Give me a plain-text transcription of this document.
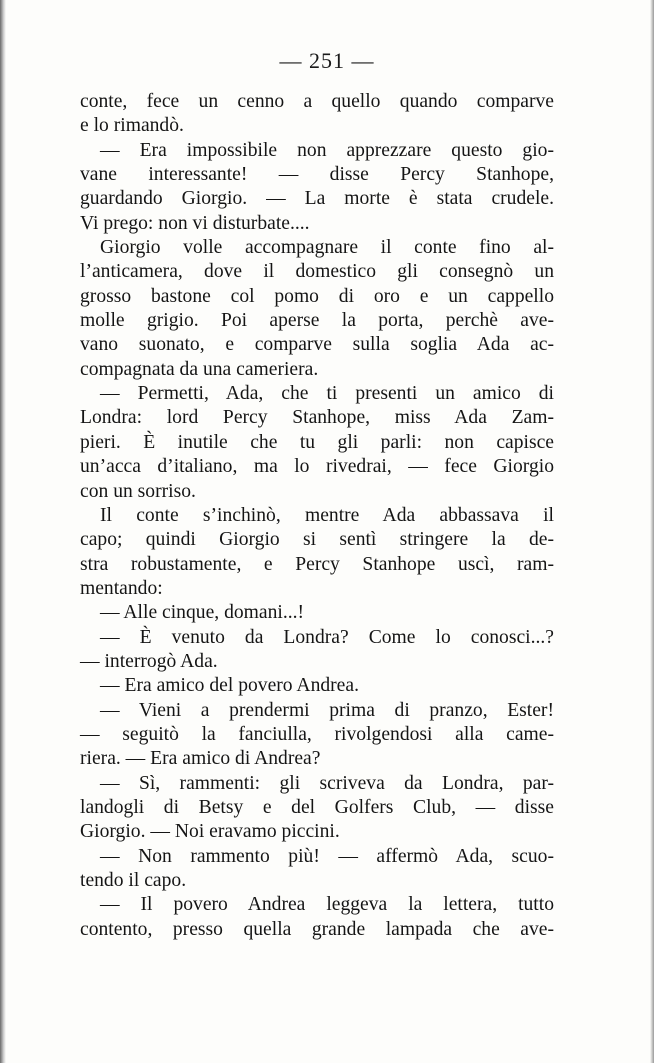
— 251 —
conte, fece un cenno a quello quando comparve
e lo rimandò.
— Era impossibile non apprezzare questo gio-
vane interessante! — disse Percy Stanhope,
guardando Giorgio. — La morte è stata crudele.
Vi prego: non vi disturbate....
Giorgio volle accompagnare il conte fino al-
l’anticamera, dove il domestico gli consegnò un
grosso bastone col pomo di oro e un cappello
molle grigio. Poi aperse la porta, perchè ave-
vano suonato, e comparve sulla soglia Ada ac-
compagnata da una cameriera.
— Permetti, Ada, che ti presenti un amico di
Londra: lord Percy Stanhope, miss Ada Zam-
pieri. È inutile che tu gli parli: non capisce
un’acca d’italiano, ma lo rivedrai, — fece Giorgio
con un sorriso.
Il conte s’inchinò, mentre Ada abbassava il
capo; quindi Giorgio si sentì stringere la de-
stra robustamente, e Percy Stanhope uscì, ram-
mentando:
— Alle cinque, domani...!
— È venuto da Londra? Come lo conosci...?
— interrogò Ada.
— Era amico del povero Andrea.
— Vieni a prendermi prima di pranzo, Ester!
— seguitò la fanciulla, rivolgendosi alla came-
riera. — Era amico di Andrea?
— Sì, rammenti: gli scriveva da Londra, par-
landogli di Betsy e del Golfers Club, — disse
Giorgio. — Noi eravamo piccini.
— Non rammento più! — affermò Ada, scuo-
tendo il capo.
— Il povero Andrea leggeva la lettera, tutto
contento, presso quella grande lampada che ave-
